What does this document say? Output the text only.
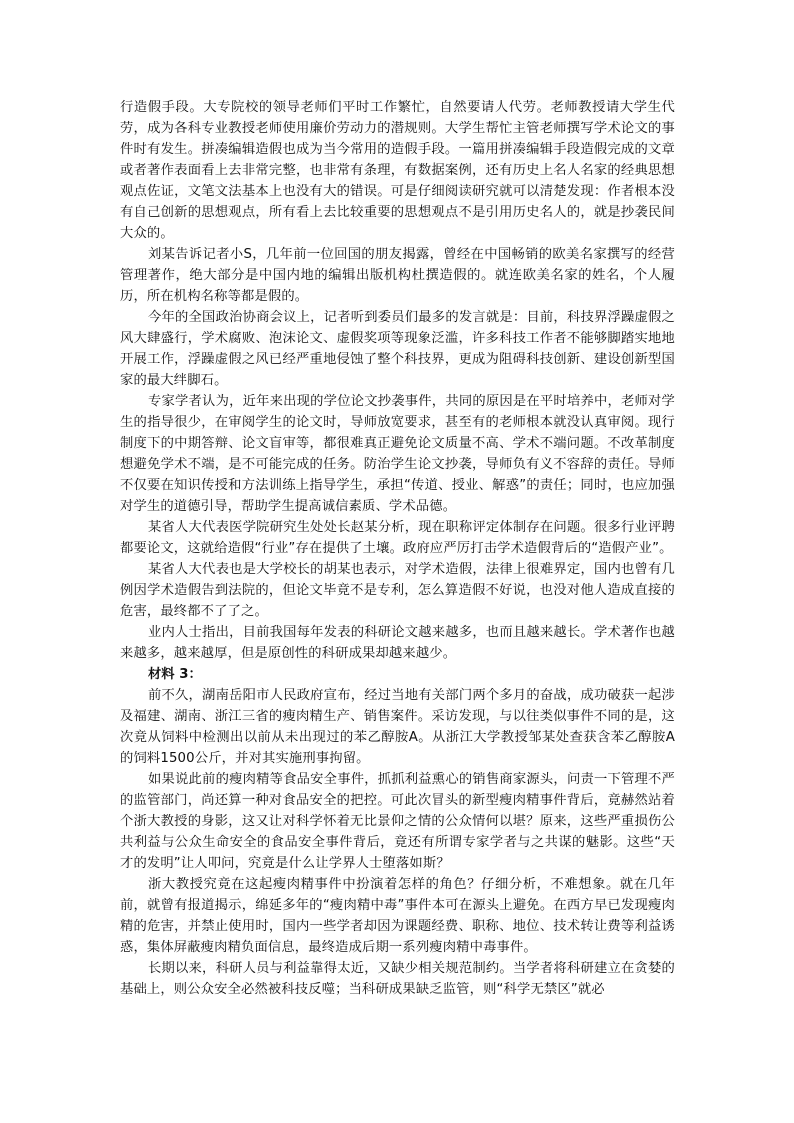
行造假手段。大专院校的领导老师们平时工作繁忙，自然要请人代劳。老师教授请大学生代劳，成为各科专业教授老师使用廉价劳动力的潜规则。大学生帮忙主管老师撰写学术论文的事件时有发生。拼凑编辑造假也成为当今常用的造假手段。一篇用拼凑编辑手段造假完成的文章或者著作表面看上去非常完整，也非常有条理，有数据案例，还有历史上名人名家的经典思想观点佐证，文笔文法基本上也没有大的错误。可是仔细阅读研究就可以清楚发现：作者根本没有自己创新的思想观点，所有看上去比较重要的思想观点不是引用历史名人的，就是抄袭民间大众的。

刘某告诉记者小S，几年前一位回国的朋友揭露，曾经在中国畅销的欧美名家撰写的经营管理著作，绝大部分是中国内地的编辑出版机构杜撰造假的。就连欧美名家的姓名，个人履历，所在机构名称等都是假的。

今年的全国政治协商会议上，记者听到委员们最多的发言就是：目前，科技界浮躁虚假之风大肆盛行，学术腐败、泡沫论文、虚假奖项等现象泛滥，许多科技工作者不能够脚踏实地地开展工作，浮躁虚假之风已经严重地侵蚀了整个科技界，更成为阻碍科技创新、建设创新型国家的最大绊脚石。

专家学者认为，近年来出现的学位论文抄袭事件，共同的原因是在平时培养中，老师对学生的指导很少，在审阅学生的论文时，导师放宽要求，甚至有的老师根本就没认真审阅。现行制度下的中期答辩、论文盲审等，都很难真正避免论文质量不高、学术不端问题。不改革制度想避免学术不端，是不可能完成的任务。防治学生论文抄袭，导师负有义不容辞的责任。导师不仅要在知识传授和方法训练上指导学生，承担“传道、授业、解惑”的责任；同时，也应加强对学生的道德引导，帮助学生提高诚信素质、学术品德。

某省人大代表医学院研究生处处长赵某分析，现在职称评定体制存在问题。很多行业评聘都要论文，这就给造假“行业”存在提供了土壤。政府应严厉打击学术造假背后的“造假产业”。

某省人大代表也是大学校长的胡某也表示，对学术造假，法律上很难界定，国内也曾有几例因学术造假告到法院的，但论文毕竟不是专利，怎么算造假不好说，也没对他人造成直接的危害，最终都不了了之。

业内人士指出，目前我国每年发表的科研论文越来越多，也而且越来越长。学术著作也越来越多，越来越厚，但是原创性的科研成果却越来越少。

材料 3：

前不久，湖南岳阳市人民政府宣布，经过当地有关部门两个多月的奋战，成功破获一起涉及福建、湖南、浙江三省的瘦肉精生产、销售案件。采访发现，与以往类似事件不同的是，这次竟从饲料中检测出以前从未出现过的苯乙醇胺A。从浙江大学教授邹某处查获含苯乙醇胺A的饲料1500公斤，并对其实施刑事拘留。

如果说此前的瘦肉精等食品安全事件，抓抓利益熏心的销售商家源头，问责一下管理不严的监管部门，尚还算一种对食品安全的把控。可此次冒头的新型瘦肉精事件背后，竟赫然站着个浙大教授的身影，这又让对科学怀着无比景仰之情的公众情何以堪？原来，这些严重损伤公共利益与公众生命安全的食品安全事件背后，竟还有所谓专家学者与之共谋的魅影。这些“天才的发明”让人叩问，究竟是什么让学界人士堕落如斯？

浙大教授究竟在这起瘦肉精事件中扮演着怎样的角色？仔细分析，不难想象。就在几年前，就曾有报道揭示，绵延多年的“瘦肉精中毒”事件本可在源头上避免。在西方早已发现瘦肉精的危害，并禁止使用时，国内一些学者却因为课题经费、职称、地位、技术转让费等利益诱惑，集体屏蔽瘦肉精负面信息，最终造成后期一系列瘦肉精中毒事件。

长期以来，科研人员与利益靠得太近，又缺少相关规范制约。当学者将科研建立在贪婪的基础上，则公众安全必然被科技反噬；当科研成果缺乏监管，则“科学无禁区”就必
